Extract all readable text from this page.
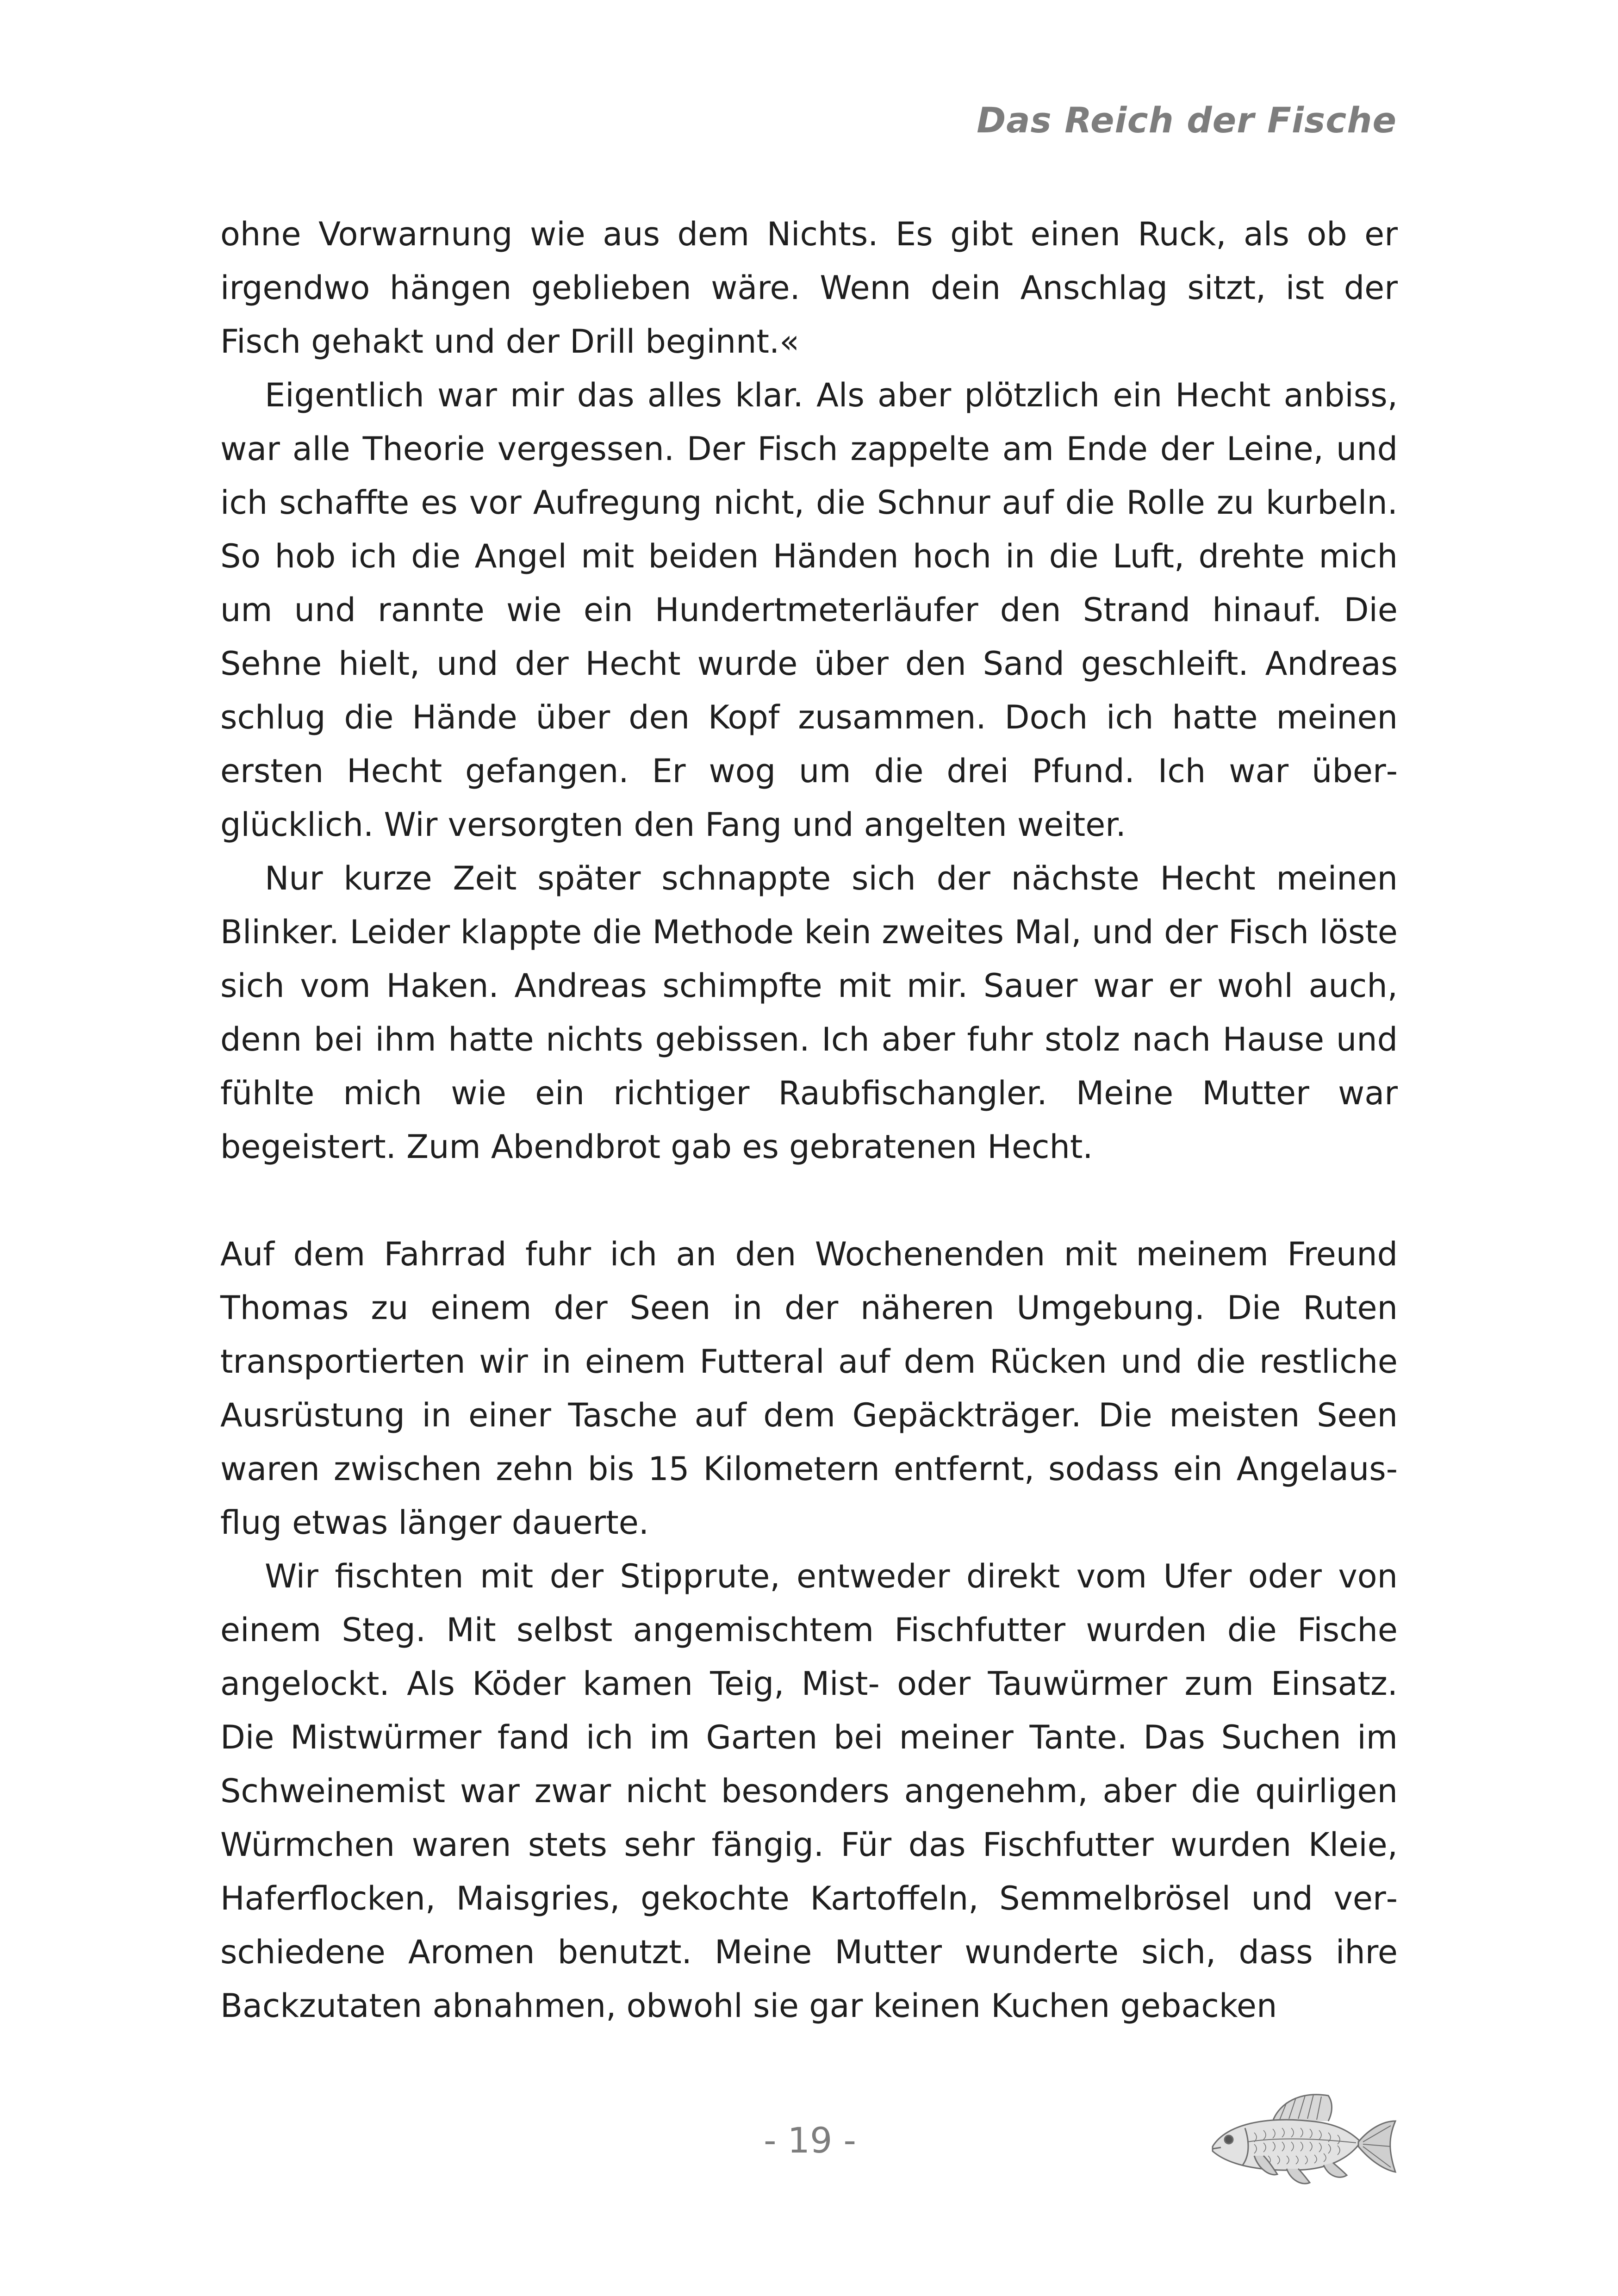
Das Reich der Fische

ohne Vorwarnung wie aus dem Nichts. Es gibt einen Ruck, als ob er irgendwo hängen geblieben wäre. Wenn dein Anschlag sitzt, ist der Fisch gehakt und der Drill beginnt.«

Eigentlich war mir das alles klar. Als aber plötzlich ein Hecht anbiss, war alle Theorie vergessen. Der Fisch zappelte am Ende der Leine, und ich schaffte es vor Aufregung nicht, die Schnur auf die Rolle zu kurbeln. So hob ich die Angel mit beiden Händen hoch in die Luft, drehte mich um und rannte wie ein Hundertmeterläufer den Strand hinauf. Die Sehne hielt, und der Hecht wurde über den Sand geschleift. Andreas schlug die Hände über den Kopf zusammen. Doch ich hatte meinen ersten Hecht gefangen. Er wog um die drei Pfund. Ich war überglücklich. Wir versorgten den Fang und angelten weiter.

Nur kurze Zeit später schnappte sich der nächste Hecht meinen Blinker. Leider klappte die Methode kein zweites Mal, und der Fisch löste sich vom Haken. Andreas schimpfte mit mir. Sauer war er wohl auch, denn bei ihm hatte nichts gebissen. Ich aber fuhr stolz nach Hause und fühlte mich wie ein richtiger Raubfischangler. Meine Mutter war begeistert. Zum Abendbrot gab es gebratenen Hecht.

Auf dem Fahrrad fuhr ich an den Wochenenden mit meinem Freund Thomas zu einem der Seen in der näheren Umgebung. Die Ruten transportierten wir in einem Futteral auf dem Rücken und die restliche Ausrüstung in einer Tasche auf dem Gepäckträger. Die meisten Seen waren zwischen zehn bis 15 Kilometern entfernt, sodass ein Angelausflug etwas länger dauerte.

Wir fischten mit der Stipprute, entweder direkt vom Ufer oder von einem Steg. Mit selbst angemischtem Fischfutter wurden die Fische angelockt. Als Köder kamen Teig, Mist- oder Tauwürmer zum Einsatz. Die Mistwürmer fand ich im Garten bei meiner Tante. Das Suchen im Schweinemist war zwar nicht besonders angenehm, aber die quirligen Würmchen waren stets sehr fängig. Für das Fischfutter wurden Kleie, Haferflocken, Maisgries, gekochte Kartoffeln, Semmelbrösel und verschiedene Aromen benutzt. Meine Mutter wunderte sich, dass ihre Backzutaten abnahmen, obwohl sie gar keinen Kuchen gebacken

- 19 -
